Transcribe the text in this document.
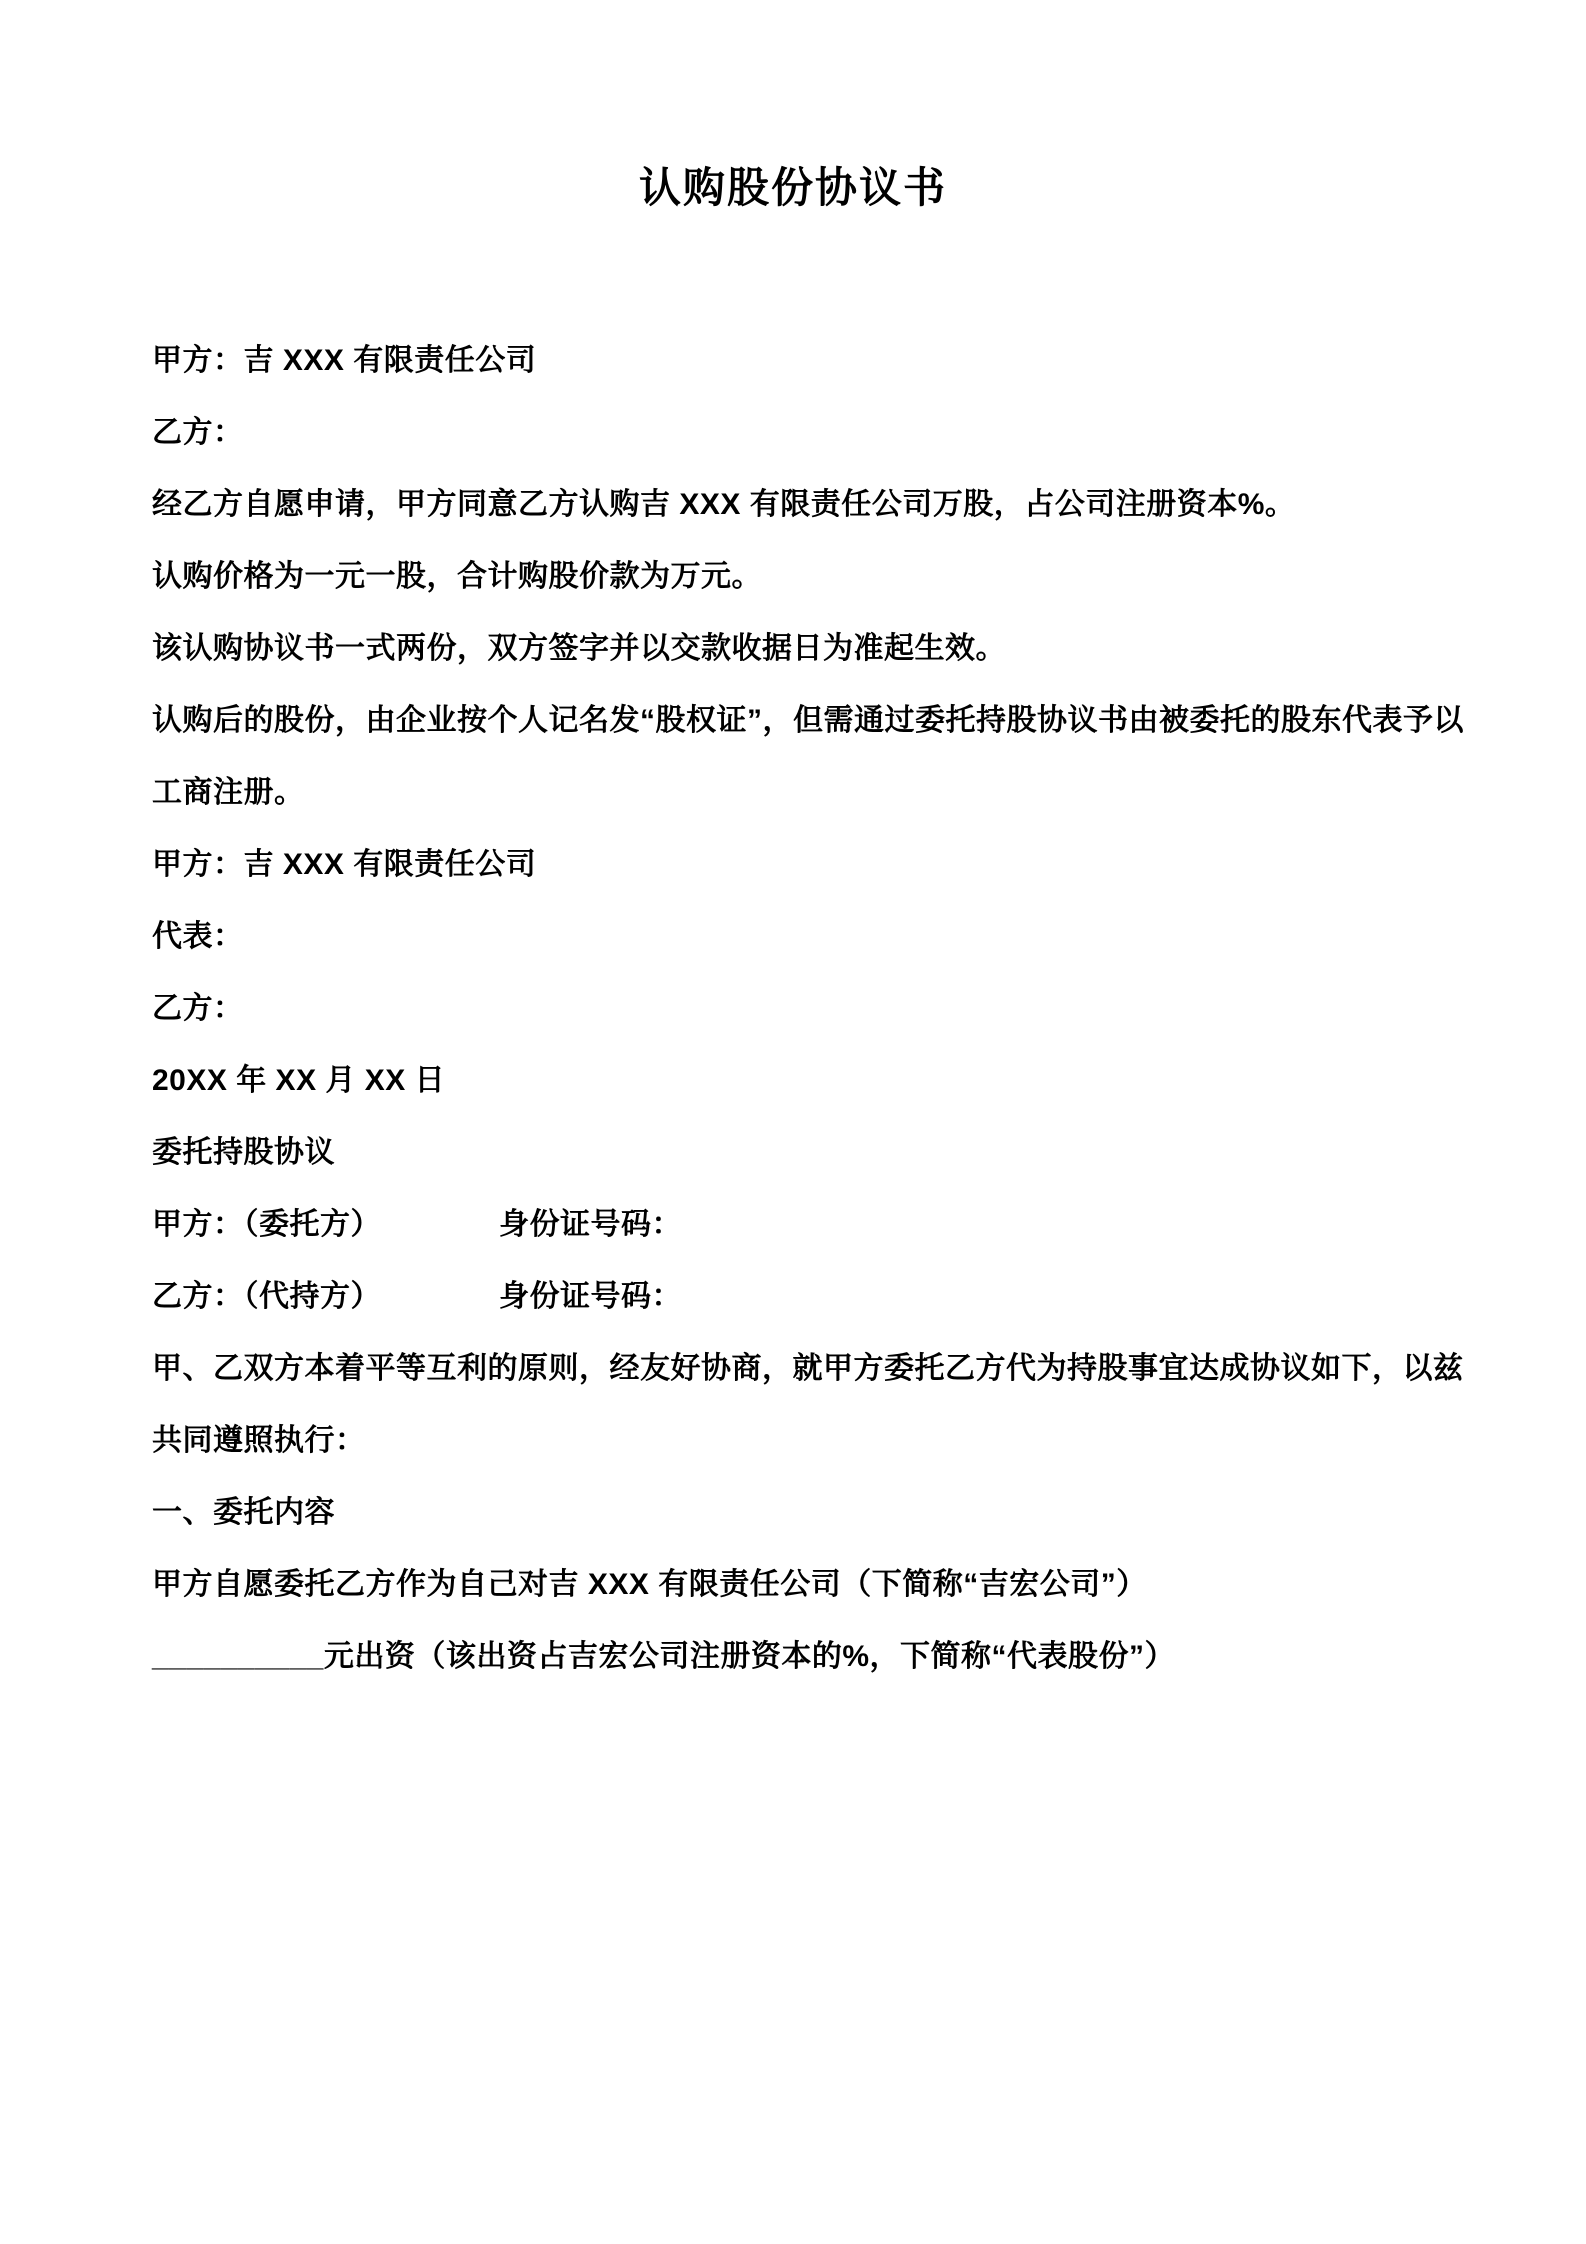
认购股份协议书

甲方：吉 XXX 有限责任公司

乙方：

经乙方自愿申请，甲方同意乙方认购吉 XXX 有限责任公司万股，占公司注册资本%。

认购价格为一元一股，合计购股价款为万元。

该认购协议书一式两份，双方签字并以交款收据日为准起生效。

认购后的股份，由企业按个人记名发“股权证”，但需通过委托持股协议书由被委托的股东代表予以工商注册。

甲方：吉 XXX 有限责任公司

代表：

乙方：

20XX 年 XX 月 XX 日

委托持股协议

甲方：（委托方）	身份证号码：

乙方：（代持方）	身份证号码：

甲、乙双方本着平等互利的原则，经友好协商，就甲方委托乙方代为持股事宜达成协议如下，以兹共同遵照执行：

一、委托内容

甲方自愿委托乙方作为自己对吉 XXX 有限责任公司（下简称“吉宏公司”）

__________元出资（该出资占吉宏公司注册资本的%，下简称“代表股份”）
